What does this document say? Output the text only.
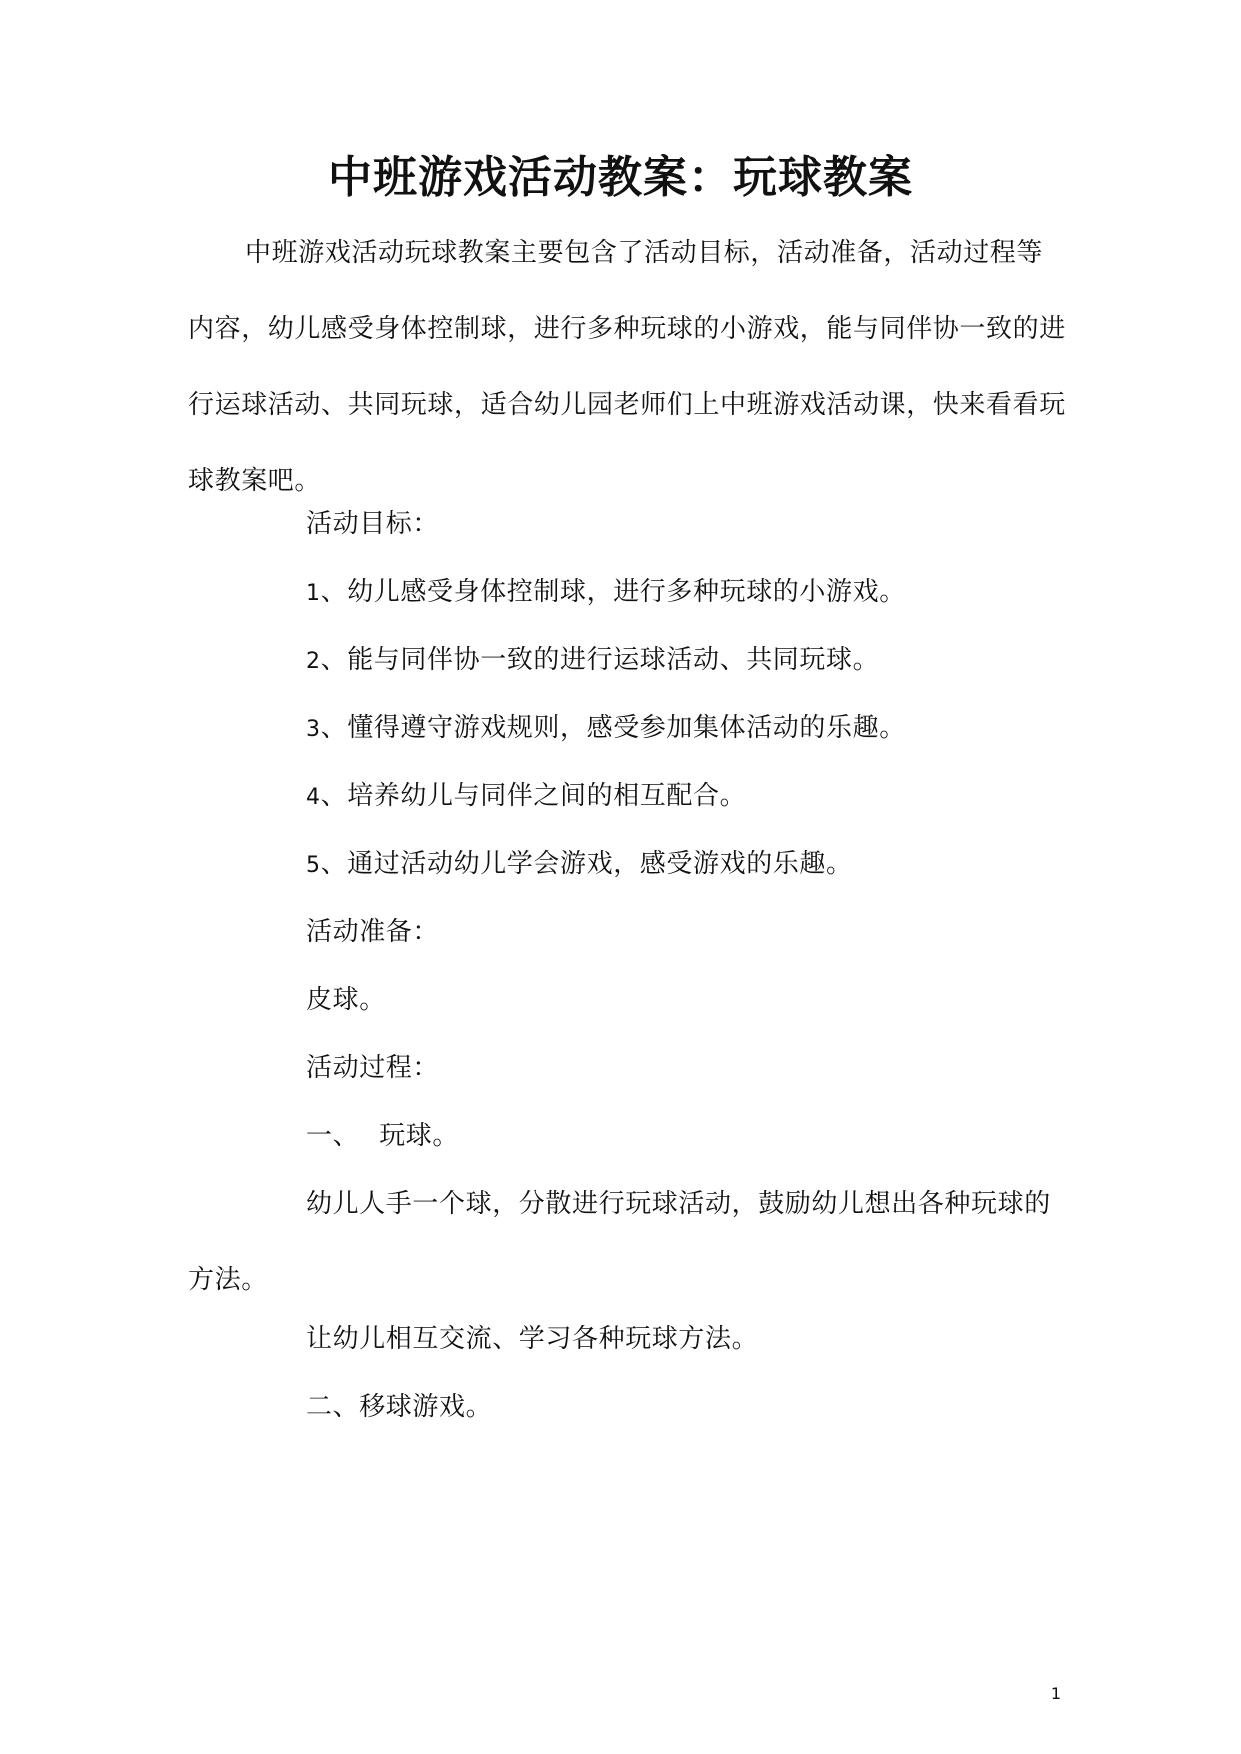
中班游戏活动教案：玩球教案

中班游戏活动玩球教案主要包含了活动目标，活动准备，活动过程等内容，幼儿感受身体控制球，进行多种玩球的小游戏，能与同伴协一致的进行运球活动、共同玩球，适合幼儿园老师们上中班游戏活动课，快来看看玩球教案吧。

活动目标：

1、幼儿感受身体控制球，进行多种玩球的小游戏。

2、能与同伴协一致的进行运球活动、共同玩球。

3、懂得遵守游戏规则，感受参加集体活动的乐趣。

4、培养幼儿与同伴之间的相互配合。

5、通过活动幼儿学会游戏，感受游戏的乐趣。

活动准备：

皮球。

活动过程：

一、 玩球。

幼儿人手一个球，分散进行玩球活动，鼓励幼儿想出各种玩球的方法。

让幼儿相互交流、学习各种玩球方法。

二、移球游戏。

1
